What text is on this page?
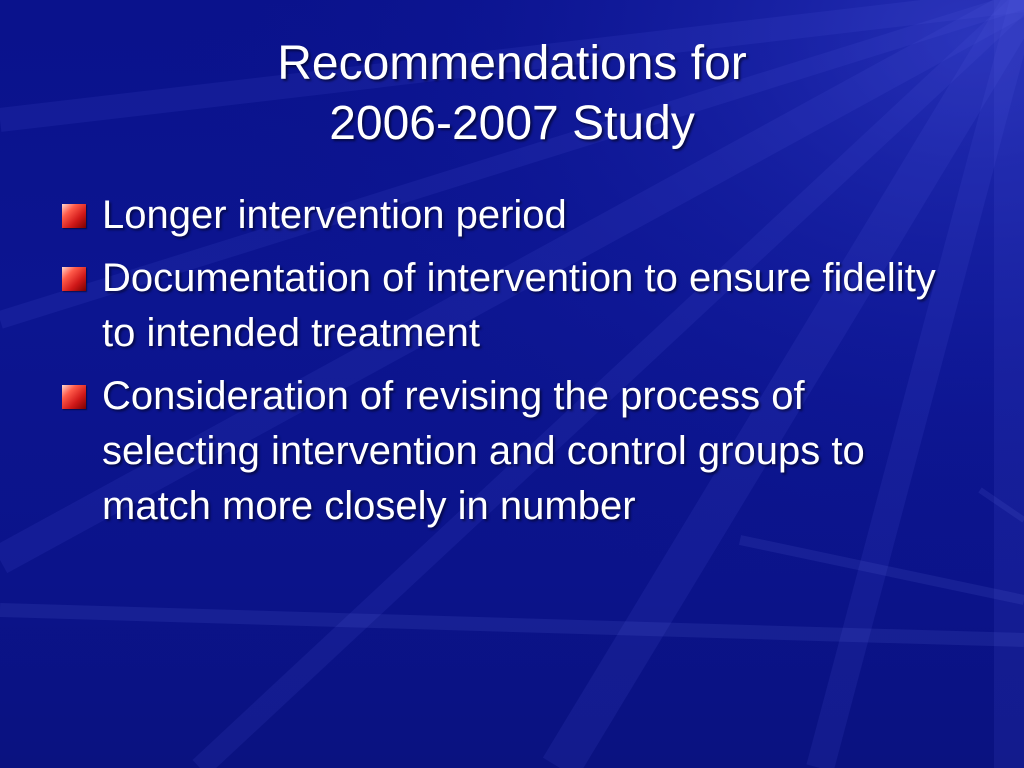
Recommendations for
2006-2007 Study
Longer intervention period
Documentation of intervention to ensure fidelity to intended treatment
Consideration of revising the process of selecting intervention and control groups to match more closely in number
